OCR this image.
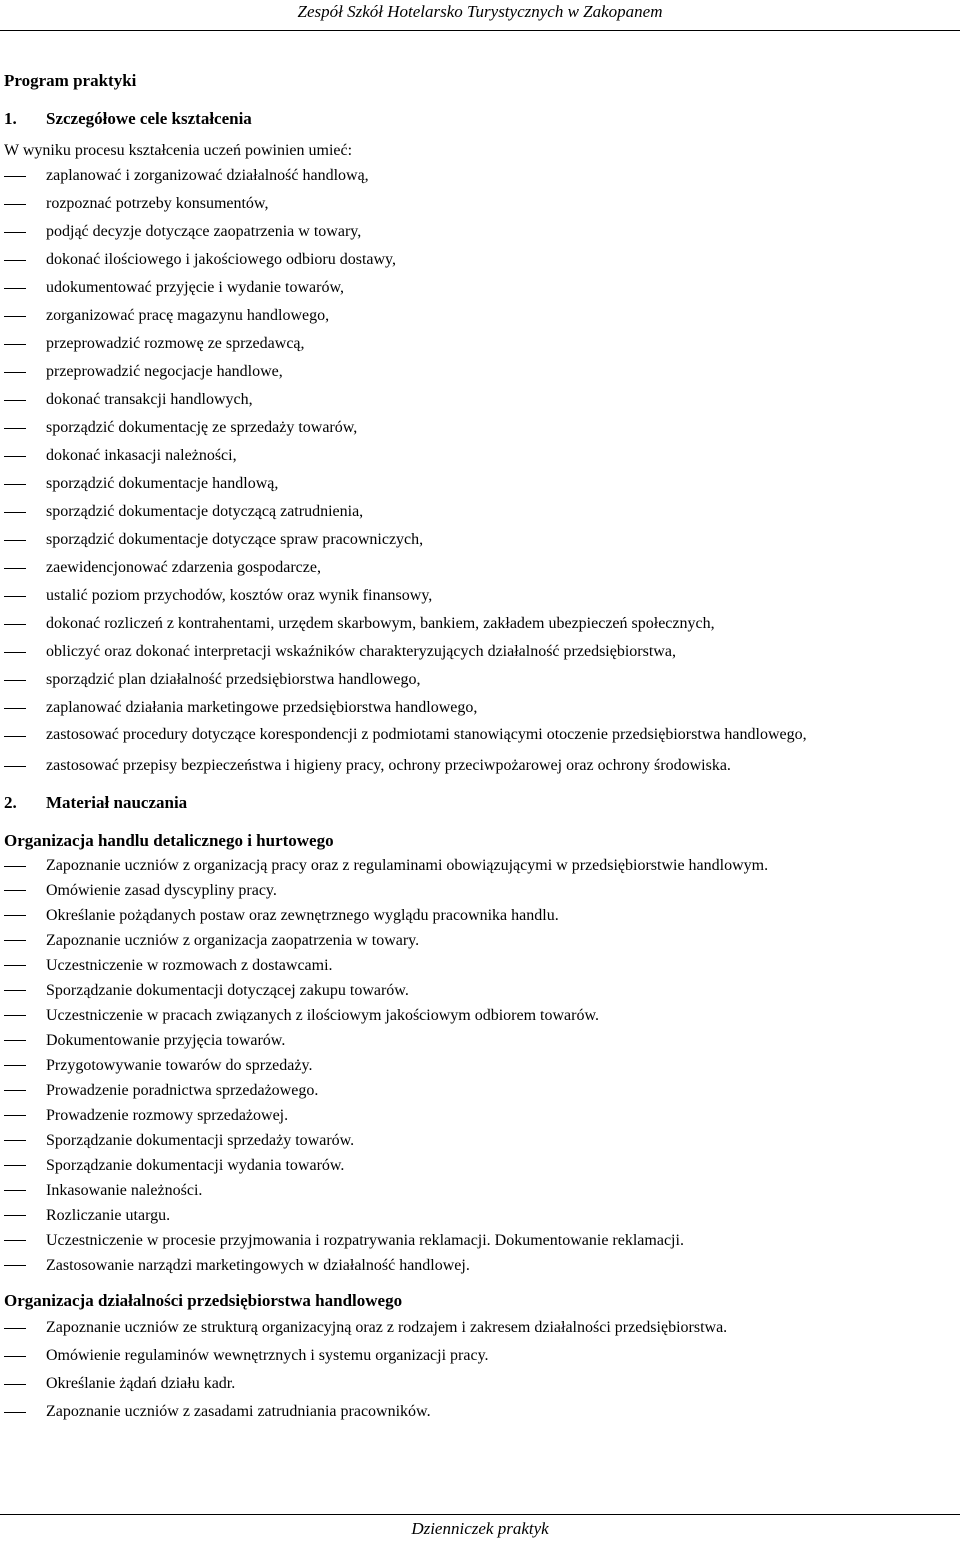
Zespół Szkół Hotelarsko Turystycznych w Zakopanem

Program praktyki

1.	Szczegółowe cele kształcenia

W wyniku procesu kształcenia uczeń powinien umieć:

zaplanować i zorganizować działalność handlową,
rozpoznać potrzeby konsumentów,
podjąć decyzje dotyczące zaopatrzenia w towary,
dokonać ilościowego i jakościowego odbioru dostawy,
udokumentować przyjęcie i wydanie towarów,
zorganizować pracę magazynu handlowego,
przeprowadzić rozmowę ze sprzedawcą,
przeprowadzić negocjacje handlowe,
dokonać transakcji handlowych,
sporządzić dokumentację ze sprzedaży towarów,
dokonać inkasacji należności,
sporządzić dokumentacje handlową,
sporządzić dokumentacje dotyczącą zatrudnienia,
sporządzić dokumentacje dotyczące spraw pracowniczych,
zaewidencjonować zdarzenia gospodarcze,
ustalić poziom przychodów, kosztów oraz wynik finansowy,
dokonać rozliczeń z kontrahentami, urzędem skarbowym, bankiem, zakładem ubezpieczeń społecznych,
obliczyć oraz dokonać interpretacji wskaźników charakteryzujących działalność przedsiębiorstwa,
sporządzić plan działalność przedsiębiorstwa handlowego,
zaplanować działania marketingowe przedsiębiorstwa handlowego,
zastosować procedury dotyczące korespondencji z podmiotami stanowiącymi otoczenie przedsiębiorstwa handlowego,
zastosować przepisy bezpieczeństwa i higieny pracy, ochrony przeciwpożarowej oraz ochrony środowiska.

2.	Materiał nauczania

Organizacja handlu detalicznego i hurtowego

Zapoznanie uczniów z organizacją pracy oraz z regulaminami obowiązującymi w przedsiębiorstwie handlowym.
Omówienie zasad dyscypliny pracy.
Określanie pożądanych postaw oraz zewnętrznego wyglądu pracownika handlu.
Zapoznanie uczniów z organizacja zaopatrzenia w towary.
Uczestniczenie w rozmowach z dostawcami.
Sporządzanie dokumentacji dotyczącej zakupu towarów.
Uczestniczenie w pracach związanych z ilościowym jakościowym odbiorem towarów.
Dokumentowanie przyjęcia towarów.
Przygotowywanie towarów do sprzedaży.
Prowadzenie poradnictwa sprzedażowego.
Prowadzenie rozmowy sprzedażowej.
Sporządzanie dokumentacji sprzedaży towarów.
Sporządzanie dokumentacji wydania towarów.
Inkasowanie należności.
Rozliczanie utargu.
Uczestniczenie w procesie przyjmowania i rozpatrywania reklamacji. Dokumentowanie reklamacji.
Zastosowanie narządzi marketingowych w działalność handlowej.

Organizacja działalności przedsiębiorstwa handlowego

Zapoznanie uczniów ze strukturą organizacyjną oraz z rodzajem i zakresem działalności przedsiębiorstwa.
Omówienie regulaminów wewnętrznych i systemu organizacji pracy.
Określanie żądań działu kadr.
Zapoznanie uczniów z zasadami zatrudniania pracowników.
Dzienniczek praktyk
